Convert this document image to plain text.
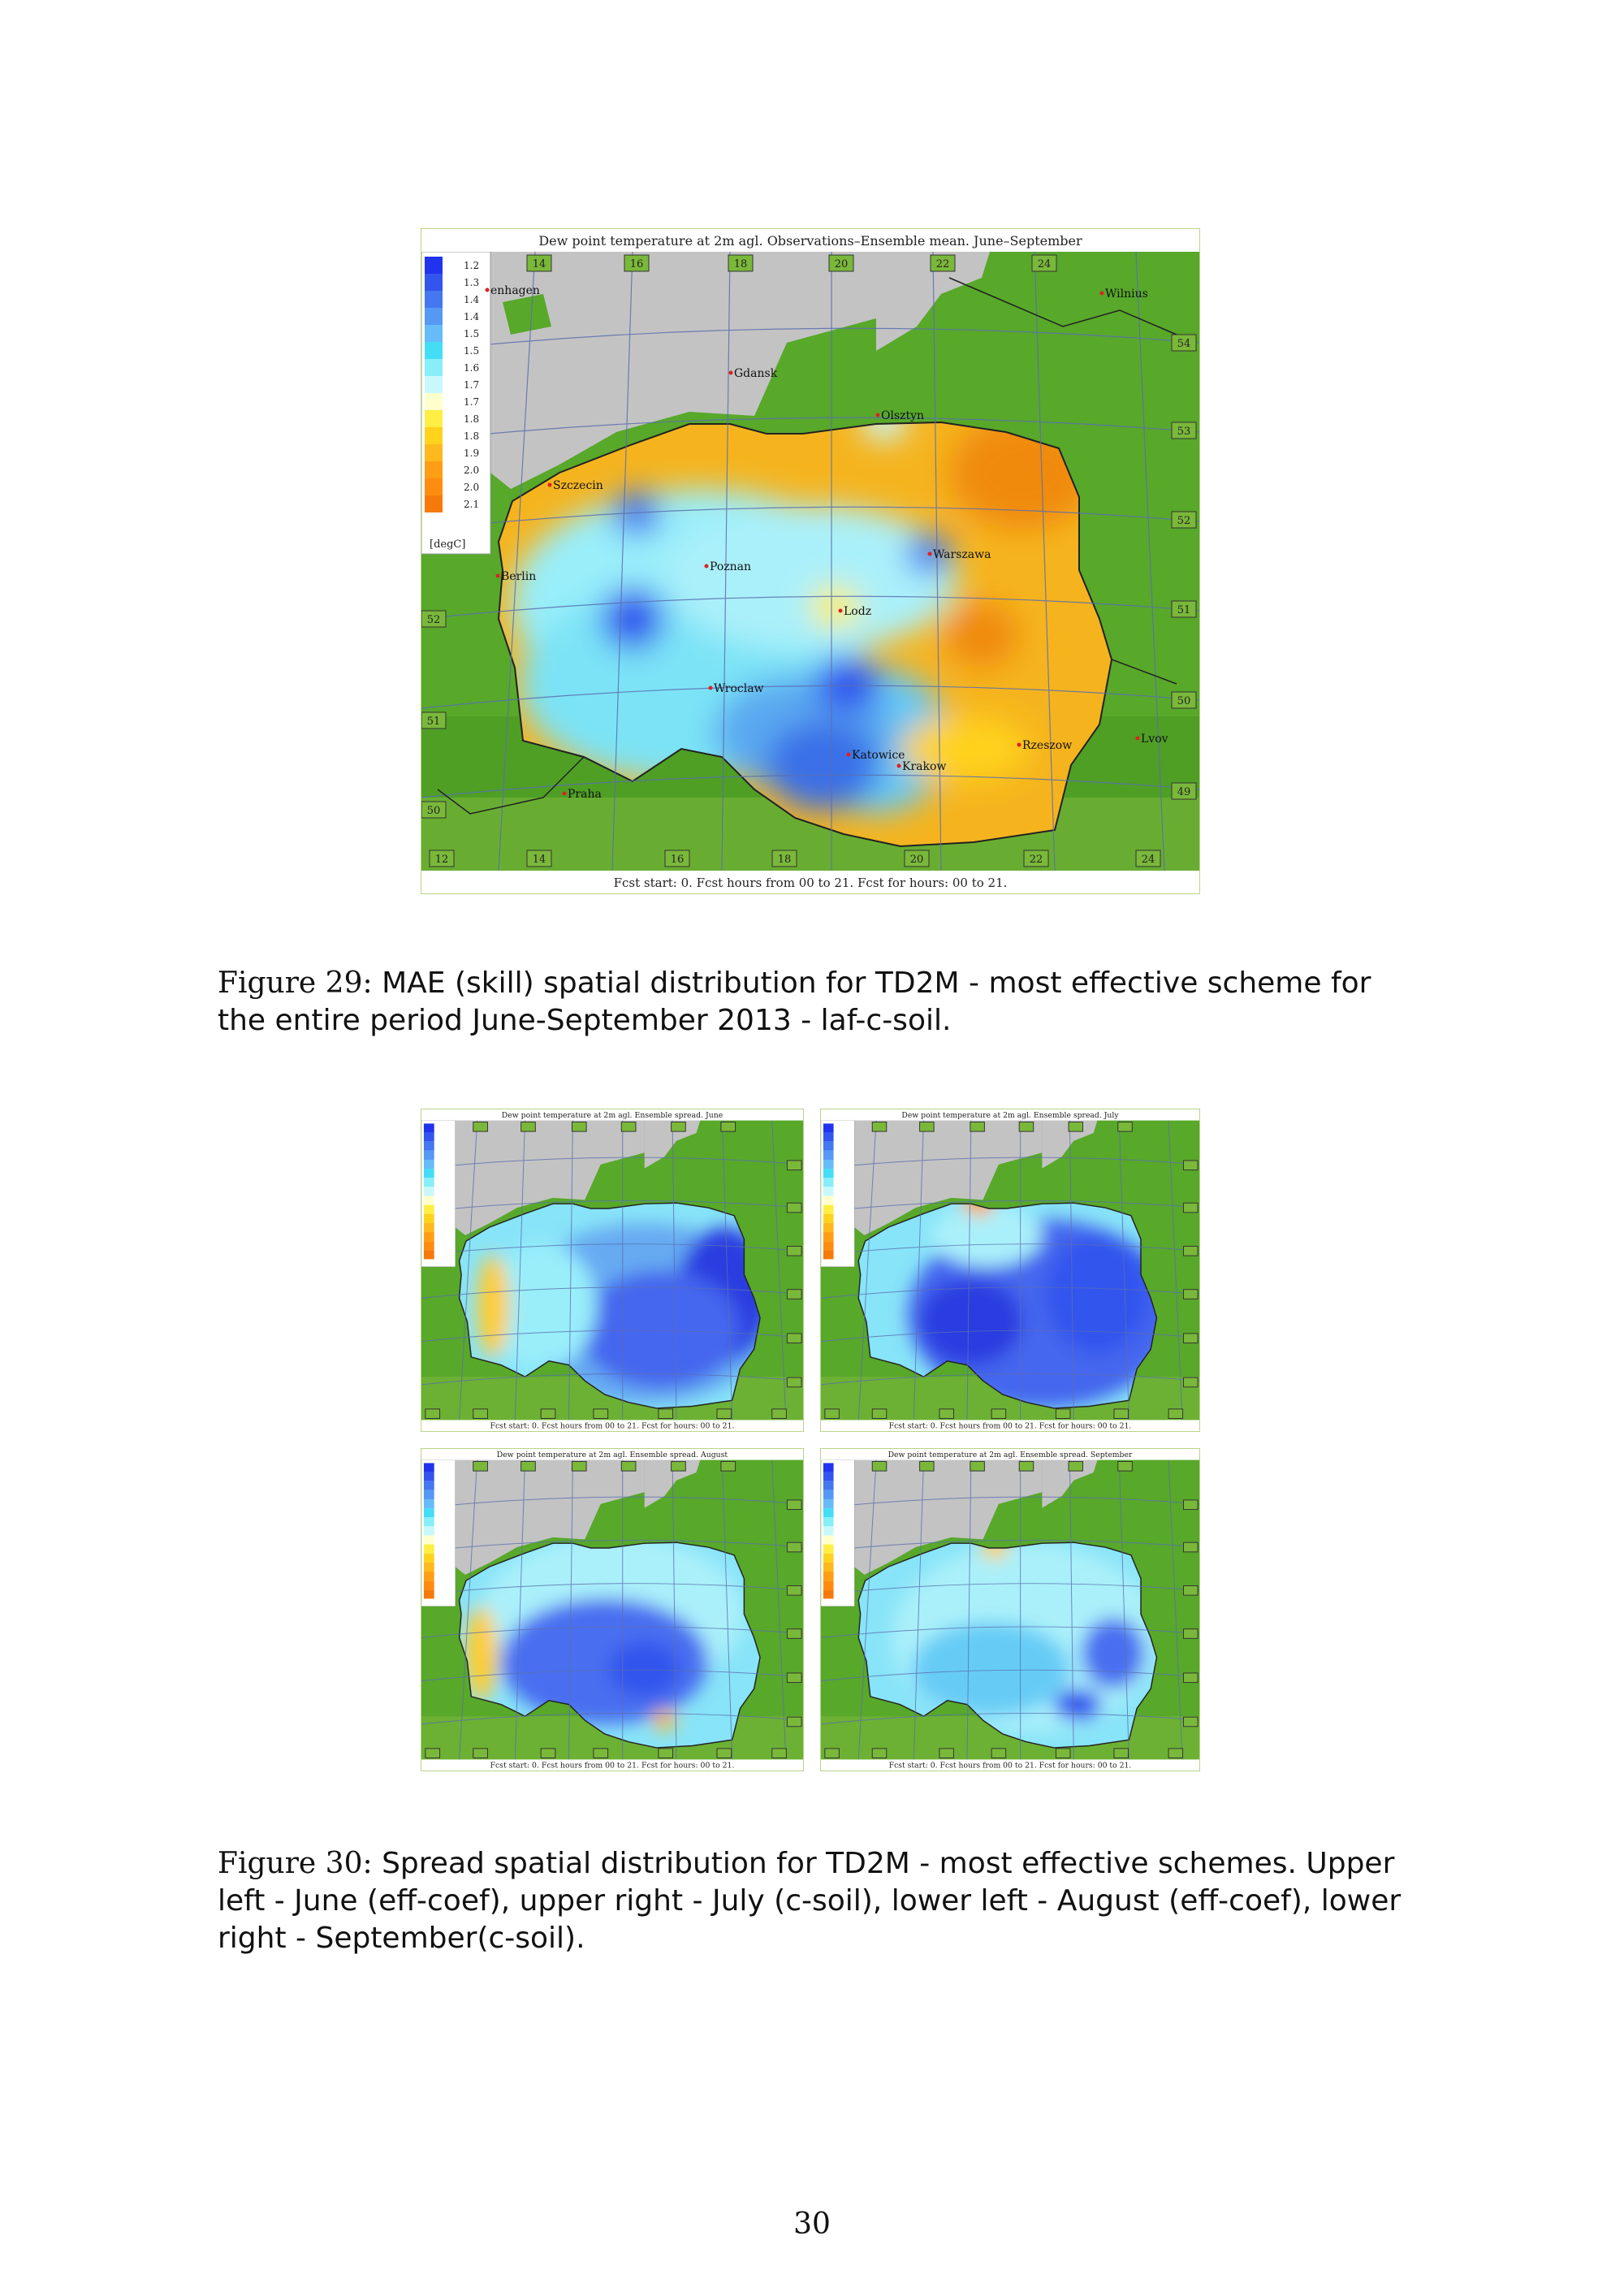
1.2
1.3
1.4
1.4
1.5
1.5
1.6
1.7
1.7
1.8
1.8
1.9
2.0
2.0
2.1
[degC]
14	16	18	20	22	24
12	14	16	18	20	22	24
54
53
52
51
50
49
52
51
50
Gdansk
Olsztyn
Szczecin
Warszawa
Poznan
Berlin
Lodz
Wroclaw
Katowice
Krakow
Rzeszow	Lvov
Praha
Wilnius
enhagen
Dew point temperature at 2m agl. Observations–Ensemble mean. June–September
Fcst start: 0. Fcst hours from 00 to 21. Fcst for hours: 00 to 21.
Figure 29: MAE (skill) spatial distribution for TD2M - most effective scheme for the entire period June-September 2013 - laf-c-soil.
Dew point temperature at 2m agl. Ensemble spread. June
Fcst start: 0. Fcst hours from 00 to 21. Fcst for hours: 00 to 21.
Dew point temperature at 2m agl. Ensemble spread. July
Fcst start: 0. Fcst hours from 00 to 21. Fcst for hours: 00 to 21.
Dew point temperature at 2m agl. Ensemble spread. August
Fcst start: 0. Fcst hours from 00 to 21. Fcst for hours: 00 to 21.
Dew point temperature at 2m agl. Ensemble spread. September
Fcst start: 0. Fcst hours from 00 to 21. Fcst for hours: 00 to 21.
Figure 30: Spread spatial distribution for TD2M - most effective schemes. Upper left - June (eff-coef), upper right - July (c-soil), lower left - August (eff-coef), lower right - September(c-soil).
30
